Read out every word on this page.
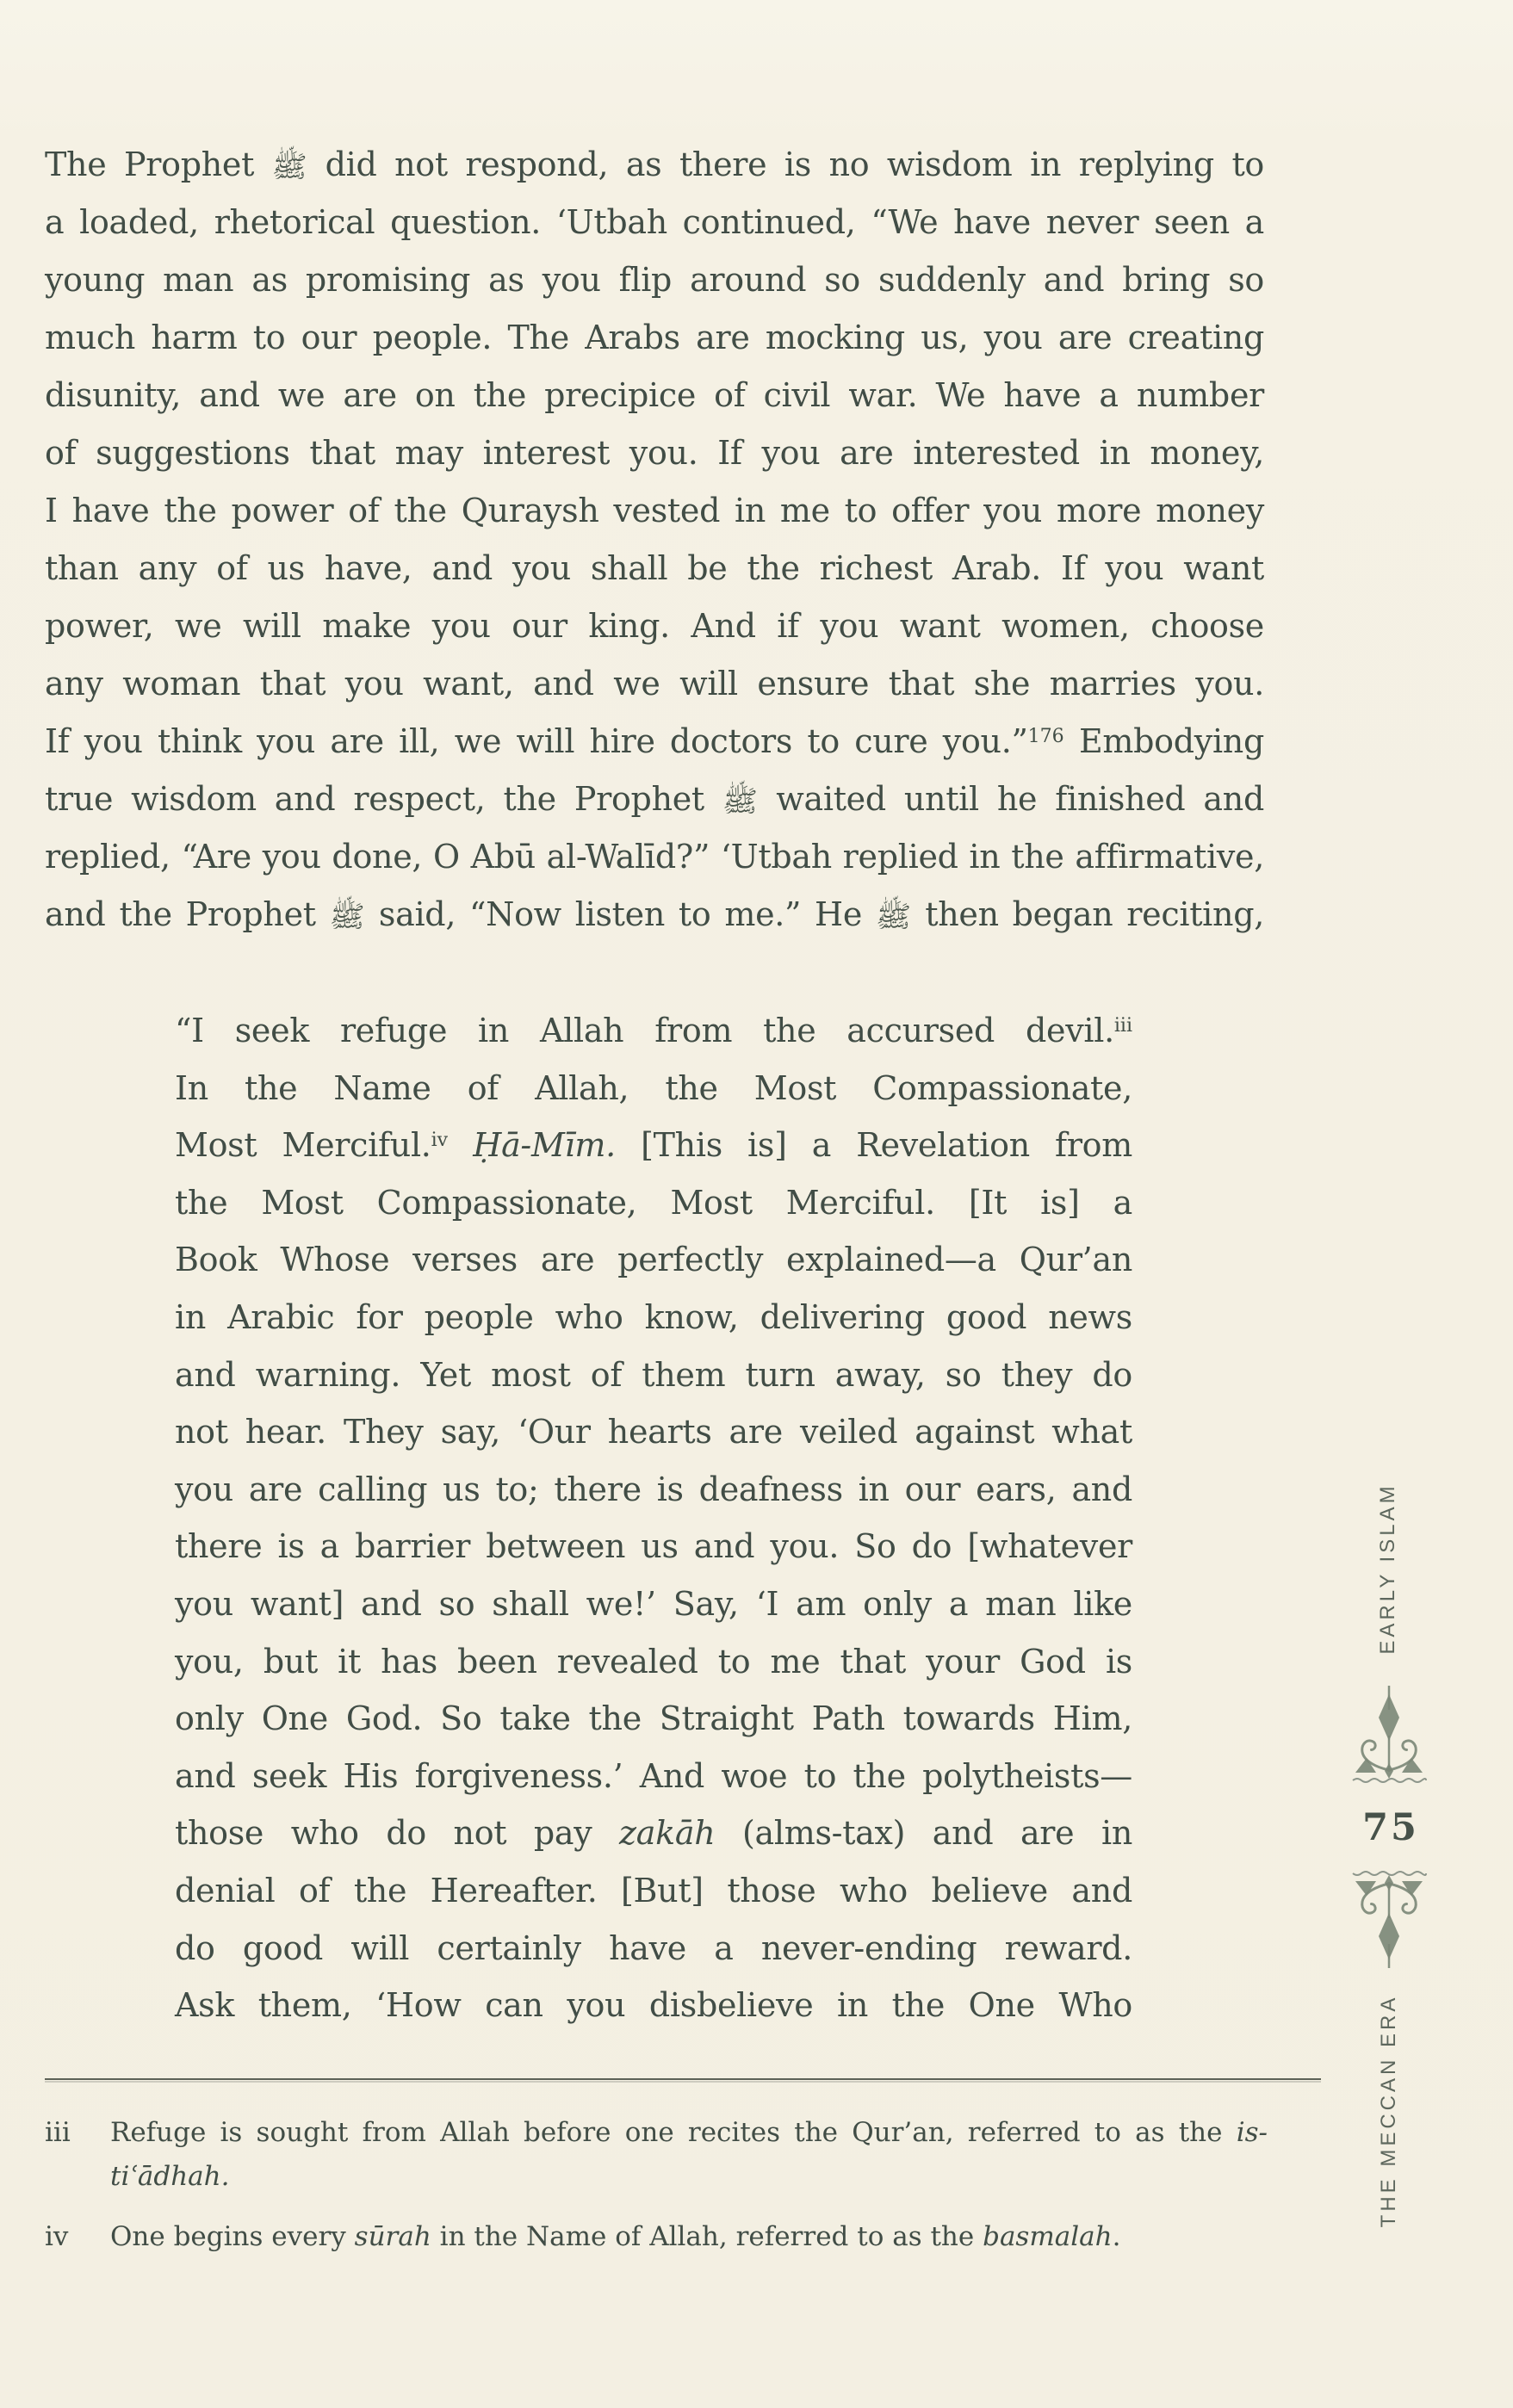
The Prophet ﷺ did not respond, as there is no wisdom in replying to
a loaded, rhetorical question. ‘Utbah continued, “We have never seen a
young man as promising as you flip around so suddenly and bring so
much harm to our people. The Arabs are mocking us, you are creating
disunity, and we are on the precipice of civil war. We have a number
of suggestions that may interest you. If you are interested in money,
I have the power of the Quraysh vested in me to offer you more money
than any of us have, and you shall be the richest Arab. If you want
power, we will make you our king. And if you want women, choose
any woman that you want, and we will ensure that she marries you.
If you think you are ill, we will hire doctors to cure you.”$^{176}$ Embodying
true wisdom and respect, the Prophet ﷺ waited until he finished and
replied, “Are you done, O Abū al-Walīd?” ‘Utbah replied in the affirmative,
and the Prophet ﷺ said, “Now listen to me.” He ﷺ then began reciting,
“I seek refuge in Allah from the accursed devil.$^{iii}$
In the Name of Allah, the Most Compassionate,
Most Merciful.$^{iv}$ Ḥā-Mīm. [This is] a Revelation from
the Most Compassionate, Most Merciful. [It is] a
Book Whose verses are perfectly explained—a Qur’an
in Arabic for people who know, delivering good news
and warning. Yet most of them turn away, so they do
not hear. They say, ‘Our hearts are veiled against what
you are calling us to; there is deafness in our ears, and
there is a barrier between us and you. So do [whatever
you want] and so shall we!’ Say, ‘I am only a man like
you, but it has been revealed to me that your God is
only One God. So take the Straight Path towards Him,
and seek His forgiveness.’ And woe to the polytheists—
those who do not pay zakāh (alms-tax) and are in
denial of the Hereafter. [But] those who believe and
do good will certainly have a never-ending reward.
Ask them, ‘How can you disbelieve in the One Who
iii	Refuge is sought from Allah before one recites the Qur’an, referred to as the is-
tiʿādhah.
iv	One begins every sūrah in the Name of Allah, referred to as the basmalah.
EARLY ISLAM
75
THE MECCAN ERA
